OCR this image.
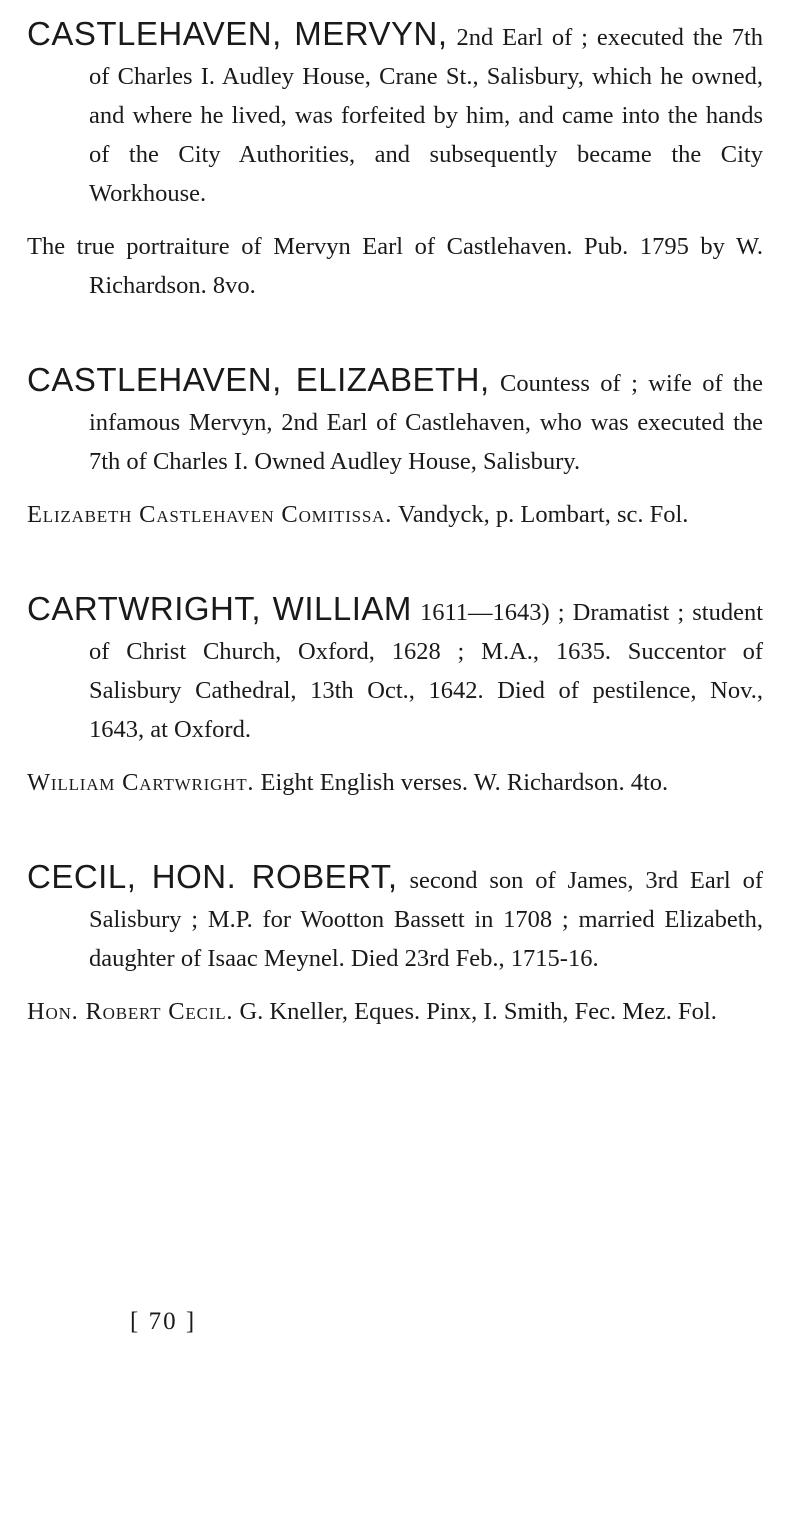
CASTLEHAVEN, MERVYN, 2nd Earl of ; executed the 7th of Charles I. Audley House, Crane St., Salisbury, which he owned, and where he lived, was forfeited by him, and came into the hands of the City Authorities, and subsequently became the City Workhouse.

The true portraiture of Mervyn Earl of Castlehaven. Pub. 1795 by W. Richardson. 8vo.

CASTLEHAVEN, ELIZABETH, Countess of ; wife of the infamous Mervyn, 2nd Earl of Castlehaven, who was executed the 7th of Charles I. Owned Audley House, Salisbury.

Elizabeth Castlehaven Comitissa. Vandyck, p. Lombart, sc. Fol.

CARTWRIGHT, WILLIAM 1611—1643) ; Dramatist ; student of Christ Church, Oxford, 1628 ; M.A., 1635. Succentor of Salisbury Cathedral, 13th Oct., 1642. Died of pestilence, Nov., 1643, at Oxford.

William Cartwright. Eight English verses. W. Richardson. 4to.

CECIL, HON. ROBERT, second son of James, 3rd Earl of Salisbury ; M.P. for Wootton Bassett in 1708 ; married Elizabeth, daughter of Isaac Meynel. Died 23rd Feb., 1715-16.

Hon. Robert Cecil. G. Kneller, Eques. Pinx, I. Smith, Fec. Mez. Fol.

[ 70 ]
